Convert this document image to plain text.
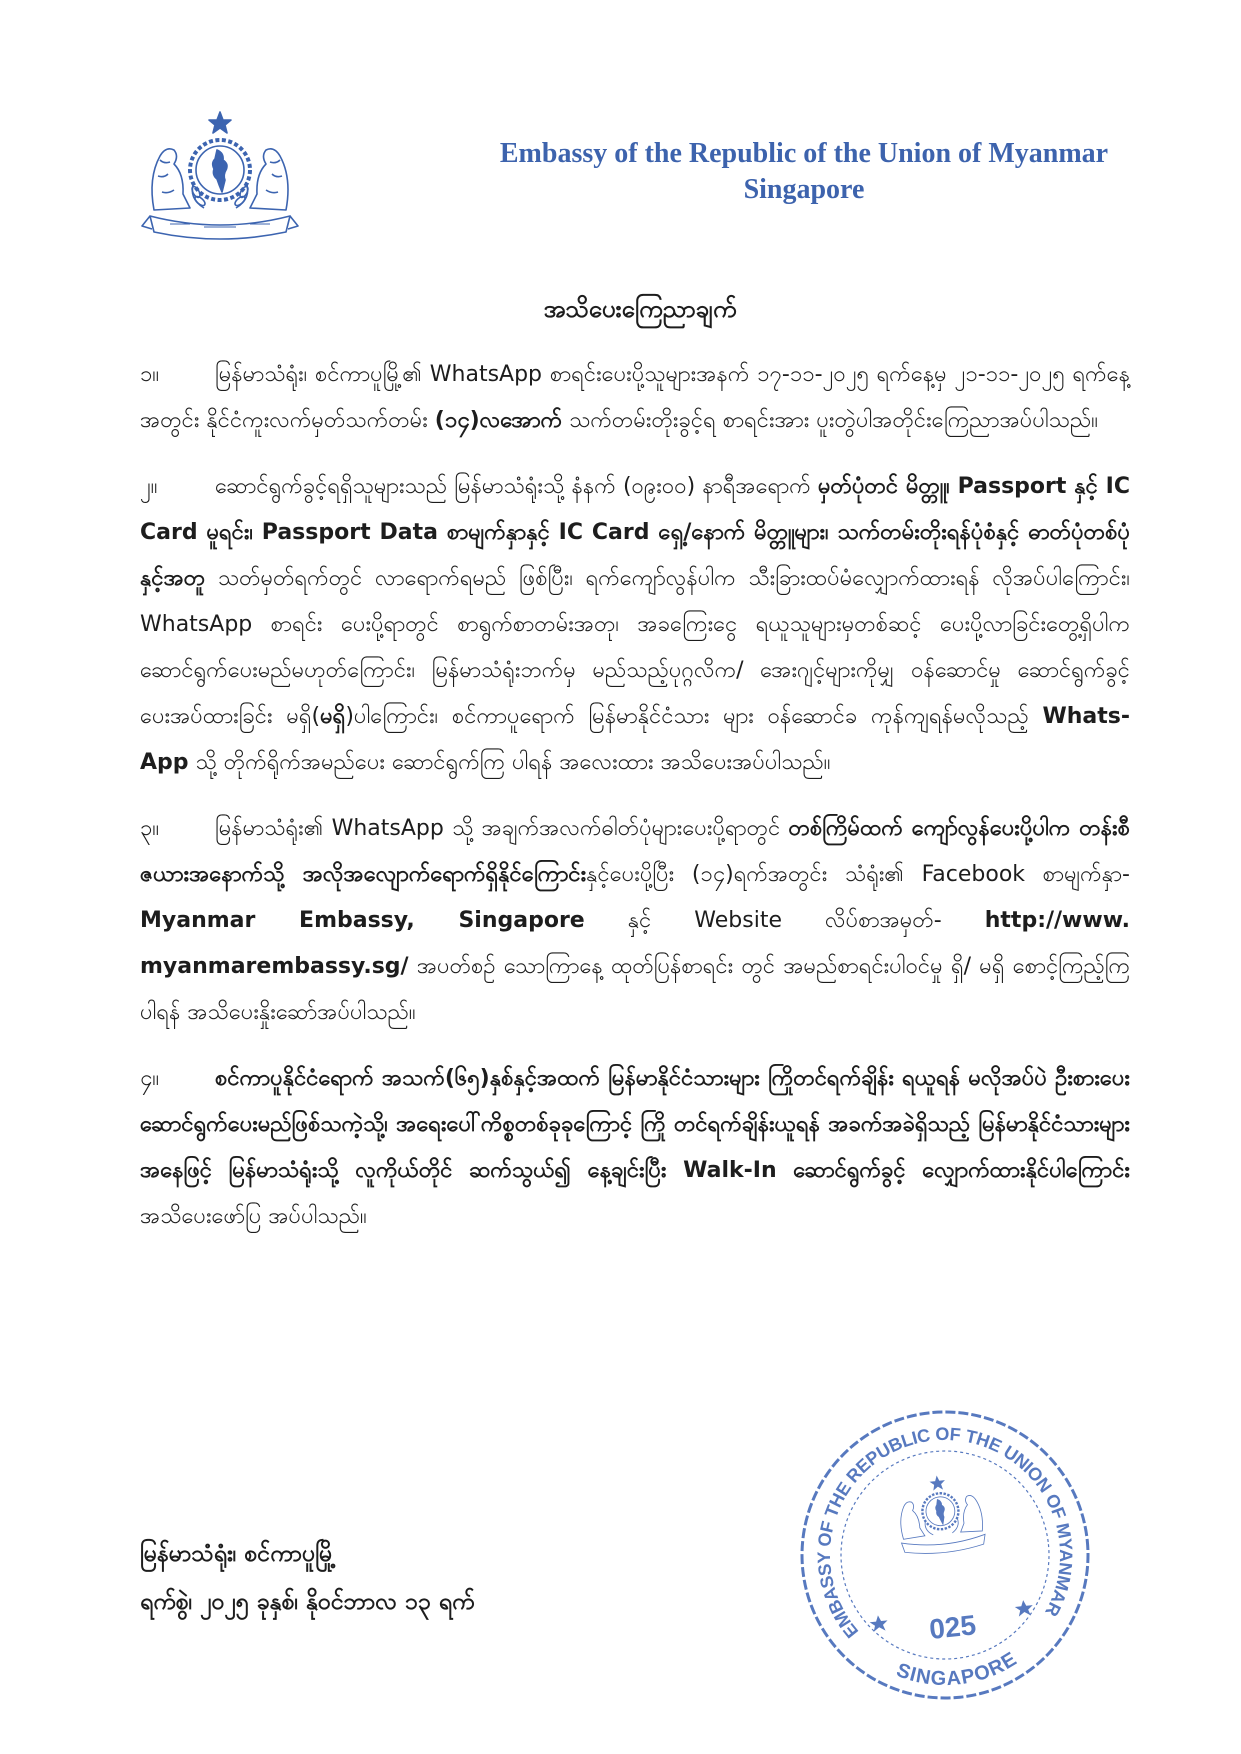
Embassy of the Republic of the Union of Myanmar
Singapore
အသိပေးကြေညာချက်

၁။	မြန်မာသံရုံး၊ စင်ကာပူမြို့၏ WhatsApp စာရင်းပေးပို့သူများအနက် ၁၇-၁၁-၂၀၂၅ ရက်နေ့မှ ၂၁-၁၁-၂၀၂၅ ရက်နေ့အတွင်း နိုင်ငံကူးလက်မှတ်သက်တမ်း (၁၄)လအောက် သက်တမ်းတိုးခွင့်ရ စာရင်းအား ပူးတွဲပါအတိုင်းကြေညာအပ်ပါသည်။

၂။	ဆောင်ရွက်ခွင့်ရရှိသူများသည် မြန်မာသံရုံးသို့ နံနက် (၀၉း၀၀) နာရီအရောက် မှတ်ပုံတင် မိတ္တူ၊ Passport နှင့် IC Card မူရင်း၊ Passport Data စာမျက်နှာနှင့် IC Card ရှေ့/နောက် မိတ္တူများ၊ သက်တမ်းတိုးရန်ပုံစံနှင့် ဓာတ်ပုံတစ်ပုံနှင့်အတူ သတ်မှတ်ရက်တွင် လာရောက်ရမည် ဖြစ်ပြီး၊ ရက်ကျော်လွန်ပါက သီးခြားထပ်မံလျှောက်ထားရန် လိုအပ်ပါကြောင်း၊ WhatsApp စာရင်း ပေးပို့ရာတွင် စာရွက်စာတမ်းအတု၊ အခကြေးငွေ ရယူသူများမှတစ်ဆင့် ပေးပို့လာခြင်းတွေ့ရှိပါက ဆောင်ရွက်ပေးမည်မဟုတ်ကြောင်း၊ မြန်မာသံရုံးဘက်မှ မည်သည့်ပုဂ္ဂလိက/ အေးဂျင့်များကိုမျှ ဝန်ဆောင်မှု ဆောင်ရွက်ခွင့်ပေးအပ်ထားခြင်း မရှိ(မရှိ)ပါကြောင်း၊ စင်ကာပူရောက် မြန်မာနိုင်ငံသား များ ဝန်ဆောင်ခ ကုန်ကျရန်မလိုသည့် Whats- App သို့ တိုက်ရိုက်အမည်ပေး ဆောင်ရွက်ကြ ပါရန် အလေးထား အသိပေးအပ်ပါသည်။

၃။	မြန်မာသံရုံး၏ WhatsApp သို့ အချက်အလက်ဓါတ်ပုံများပေးပို့ရာတွင် တစ်ကြိမ်ထက် ကျော်လွန်ပေးပို့ပါက တန်းစီဇယားအနောက်သို့ အလိုအလျောက်ရောက်ရှိနိုင်ကြောင်းနှင့်ပေးပို့ပြီး (၁၄)ရက်အတွင်း သံရုံး၏ Facebook စာမျက်နှာ- Myanmar Embassy, Singapore နှင့် Website လိပ်စာအမှတ်- http://www. myanmarembassy.sg/ အပတ်စဉ် သောကြာနေ့ ထုတ်ပြန်စာရင်း တွင် အမည်စာရင်းပါဝင်မှု ရှိ/ မရှိ စောင့်ကြည့်ကြပါရန် အသိပေးနှိုးဆော်အပ်ပါသည်။

၄။	စင်ကာပူနိုင်ငံရောက် အသက်(၆၅)နှစ်နှင့်အထက် မြန်မာနိုင်ငံသားများ ကြိုတင်ရက်ချိန်း ရယူရန် မလိုအပ်ပဲ ဦးစားပေးဆောင်ရွက်ပေးမည်ဖြစ်သကဲ့သို့၊ အရေးပေါ်ကိစ္စတစ်ခုခုကြောင့် ကြို တင်ရက်ချိန်းယူရန် အခက်အခဲရှိသည့် မြန်မာနိုင်ငံသားများအနေဖြင့် မြန်မာသံရုံးသို့ လူကိုယ်တိုင် ဆက်သွယ်၍ နေ့ချင်းပြီး Walk-In ဆောင်ရွက်ခွင့် လျှောက်ထားနိုင်ပါကြောင်း အသိပေးဖော်ပြ အပ်ပါသည်။

မြန်မာသံရုံး၊ စင်ကာပူမြို့
ရက်စွဲ၊ ၂၀၂၅ ခုနှစ်၊ နိုဝင်ဘာလ ၁၃ ရက်
EMBASSY OF THE REPUBLIC OF THE UNION OF MYANMAR
SINGAPORE
025
